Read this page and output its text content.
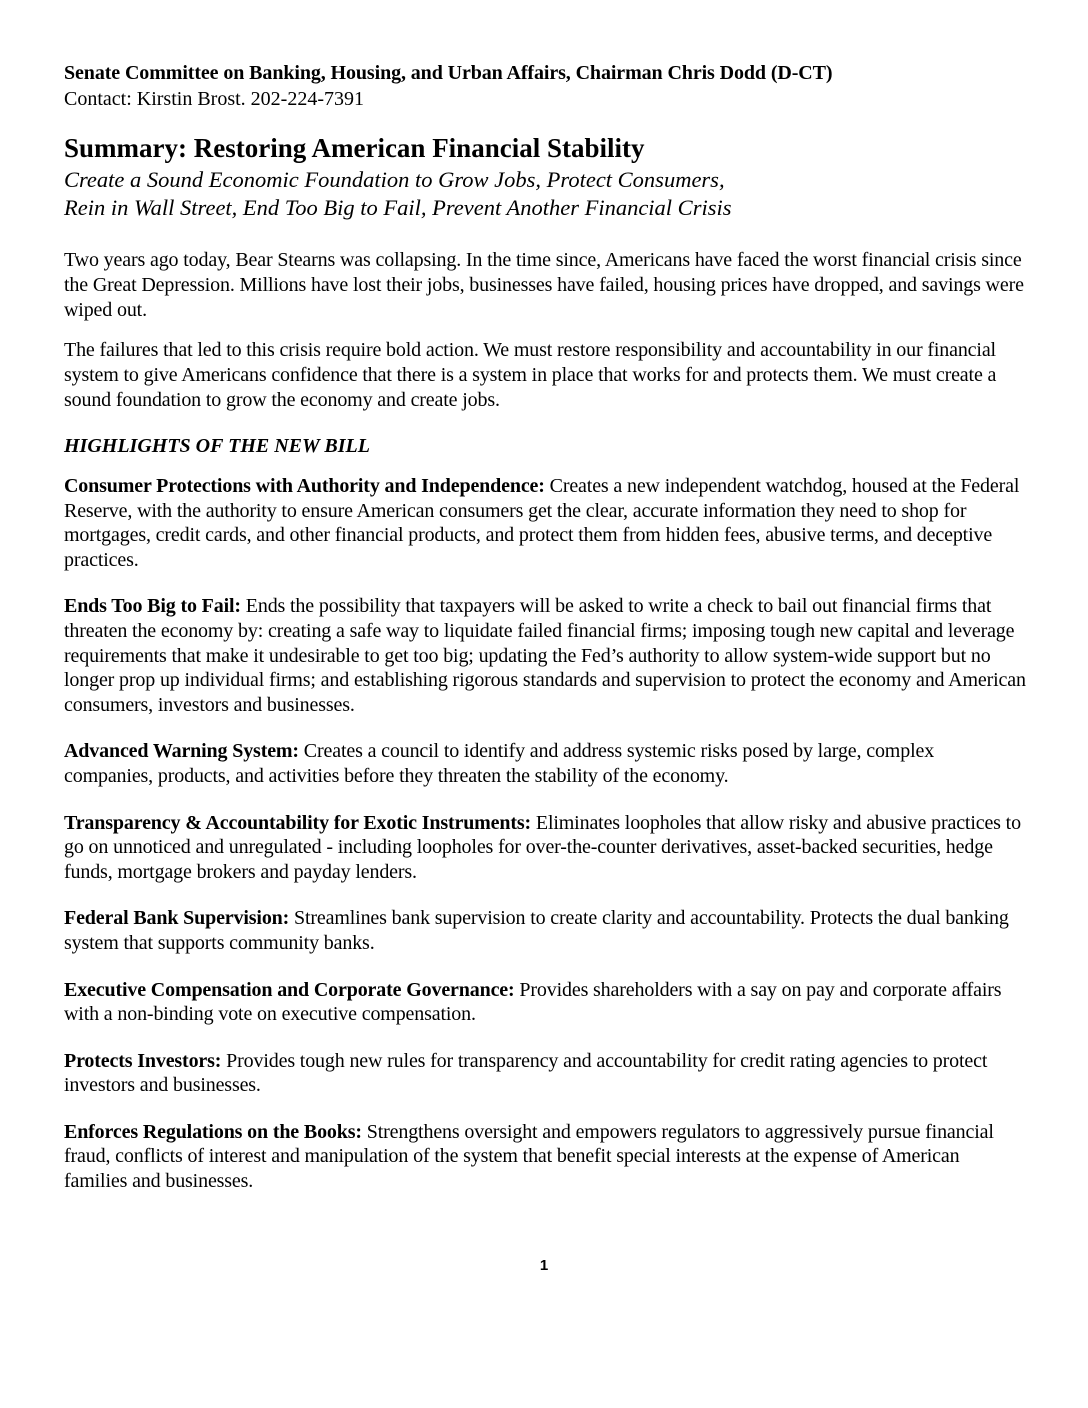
Senate Committee on Banking, Housing, and Urban Affairs, Chairman Chris Dodd (D-CT)

Contact: Kirstin Brost. 202-224-7391

Summary: Restoring American Financial Stability

Create a Sound Economic Foundation to Grow Jobs, Protect Consumers,
Rein in Wall Street, End Too Big to Fail, Prevent Another Financial Crisis

Two years ago today, Bear Stearns was collapsing. In the time since, Americans have faced the worst financial crisis since the Great Depression. Millions have lost their jobs, businesses have failed, housing prices have dropped, and savings were wiped out.

The failures that led to this crisis require bold action. We must restore responsibility and accountability in our financial system to give Americans confidence that there is a system in place that works for and protects them. We must create a sound foundation to grow the economy and create jobs.

HIGHLIGHTS OF THE NEW BILL

Consumer Protections with Authority and Independence: Creates a new independent watchdog, housed at the Federal Reserve, with the authority to ensure American consumers get the clear, accurate information they need to shop for mortgages, credit cards, and other financial products, and protect them from hidden fees, abusive terms, and deceptive practices.

Ends Too Big to Fail: Ends the possibility that taxpayers will be asked to write a check to bail out financial firms that threaten the economy by: creating a safe way to liquidate failed financial firms; imposing tough new capital and leverage requirements that make it undesirable to get too big; updating the Fed’s authority to allow system-wide support but no longer prop up individual firms; and establishing rigorous standards and supervision to protect the economy and American consumers, investors and businesses.

Advanced Warning System: Creates a council to identify and address systemic risks posed by large, complex companies, products, and activities before they threaten the stability of the economy.

Transparency & Accountability for Exotic Instruments: Eliminates loopholes that allow risky and abusive practices to go on unnoticed and unregulated - including loopholes for over-the-counter derivatives, asset-backed securities, hedge funds, mortgage brokers and payday lenders.

Federal Bank Supervision: Streamlines bank supervision to create clarity and accountability. Protects the dual banking system that supports community banks.

Executive Compensation and Corporate Governance: Provides shareholders with a say on pay and corporate affairs with a non-binding vote on executive compensation.

Protects Investors: Provides tough new rules for transparency and accountability for credit rating agencies to protect investors and businesses.

Enforces Regulations on the Books: Strengthens oversight and empowers regulators to aggressively pursue financial fraud, conflicts of interest and manipulation of the system that benefit special interests at the expense of American families and businesses.

1
